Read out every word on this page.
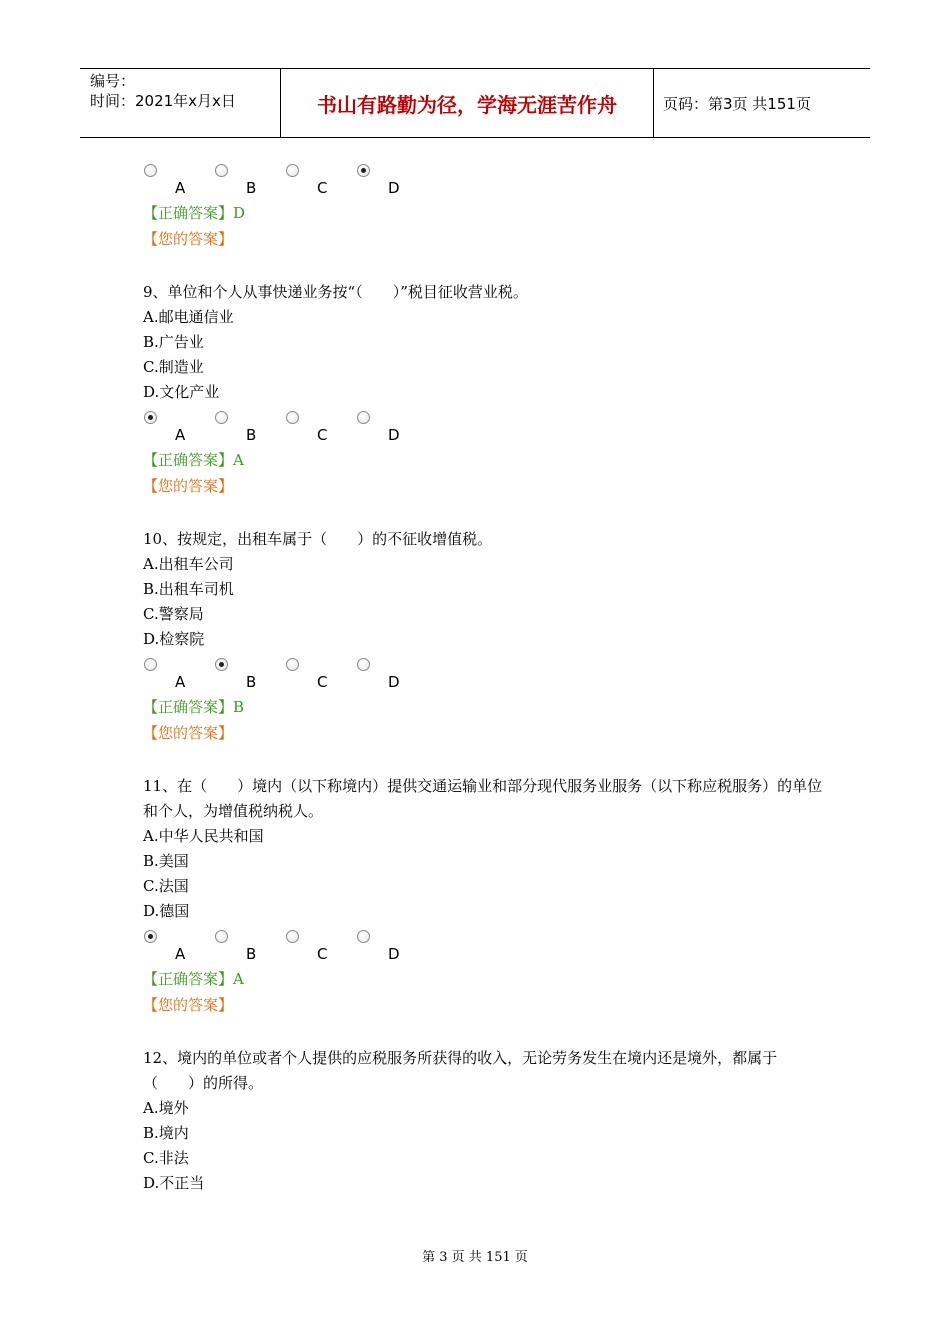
编号：
时间：2021年x月x日	书山有路勤为径，学海无涯苦作舟	页码：第3页 共151页
A	B	C	D
【正确答案】D
【您的答案】
9、单位和个人从事快递业务按“（　　）”税目征收营业税。
A.邮电通信业
B.广告业
C.制造业
D.文化产业
A	B	C	D
【正确答案】A
【您的答案】
10、按规定，出租车属于（　　）的不征收增值税。
A.出租车公司
B.出租车司机
C.警察局
D.检察院
A	B	C	D
【正确答案】B
【您的答案】
11、在（　　）境内（以下称境内）提供交通运输业和部分现代服务业服务（以下称应税服务）的单位和个人，为增值税纳税人。
A.中华人民共和国
B.美国
C.法国
D.德国
A	B	C	D
【正确答案】A
【您的答案】
12、境内的单位或者个人提供的应税服务所获得的收入，无论劳务发生在境内还是境外，都属于（　　）的所得。
A.境外
B.境内
C.非法
D.不正当
第 3 页 共 151 页
